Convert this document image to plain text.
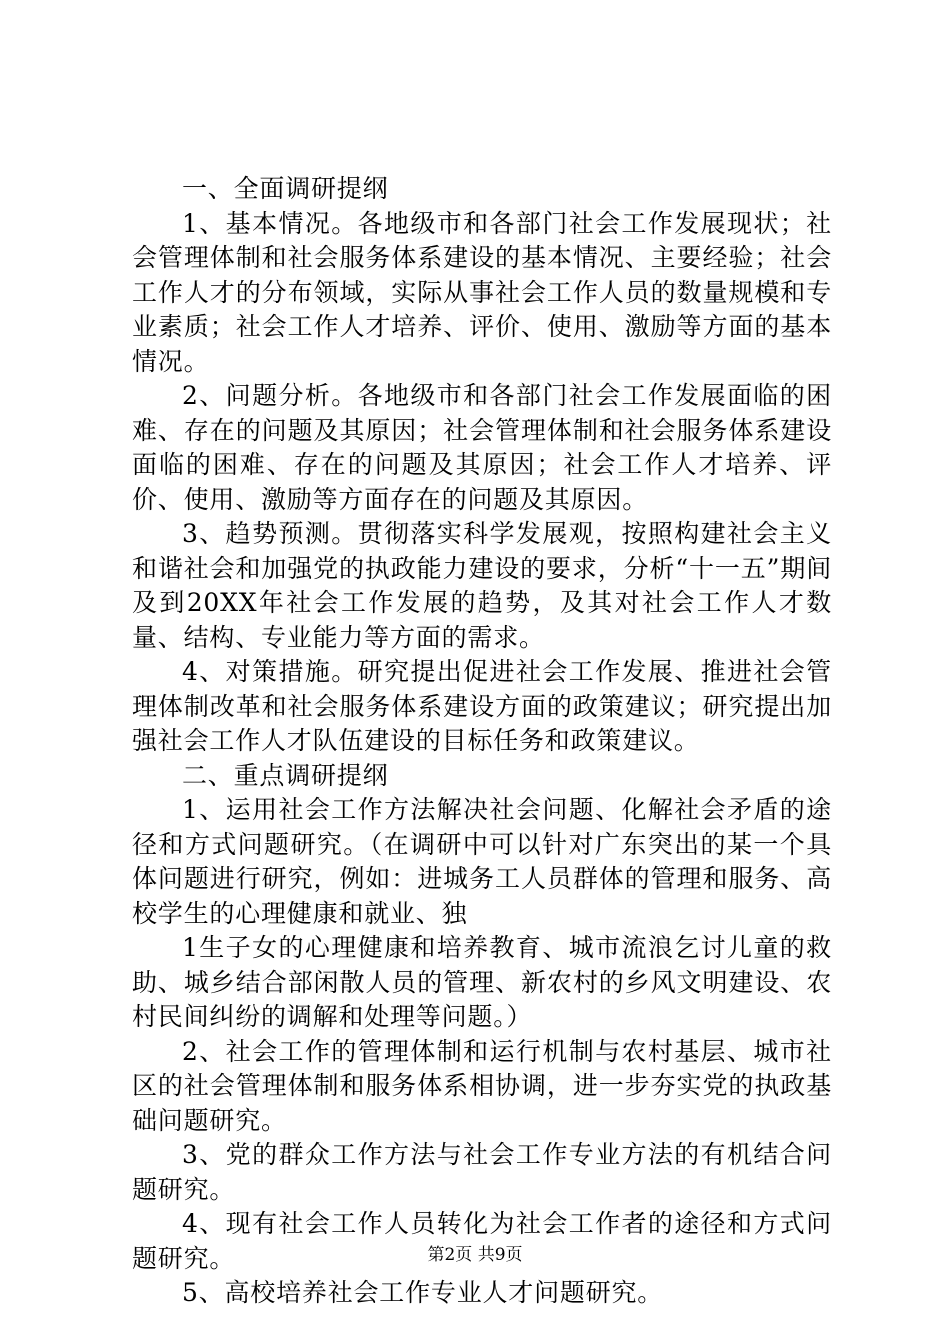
一、全面调研提纲

1、基本情况。各地级市和各部门社会工作发展现状；社会管理体制和社会服务体系建设的基本情况、主要经验；社会工作人才的分布领域，实际从事社会工作人员的数量规模和专业素质；社会工作人才培养、评价、使用、激励等方面的基本情况。

2、问题分析。各地级市和各部门社会工作发展面临的困难、存在的问题及其原因；社会管理体制和社会服务体系建设面临的困难、存在的问题及其原因；社会工作人才培养、评价、使用、激励等方面存在的问题及其原因。

3、趋势预测。贯彻落实科学发展观，按照构建社会主义和谐社会和加强党的执政能力建设的要求，分析“十一五”期间及到20XX年社会工作发展的趋势，及其对社会工作人才数量、结构、专业能力等方面的需求。

4、对策措施。研究提出促进社会工作发展、推进社会管理体制改革和社会服务体系建设方面的政策建议；研究提出加强社会工作人才队伍建设的目标任务和政策建议。

二、重点调研提纲

1、运用社会工作方法解决社会问题、化解社会矛盾的途径和方式问题研究。（在调研中可以针对广东突出的某一个具体问题进行研究，例如：进城务工人员群体的管理和服务、高校学生的心理健康和就业、独

1生子女的心理健康和培养教育、城市流浪乞讨儿童的救助、城乡结合部闲散人员的管理、新农村的乡风文明建设、农村民间纠纷的调解和处理等问题。）

2、社会工作的管理体制和运行机制与农村基层、城市社区的社会管理体制和服务体系相协调，进一步夯实党的执政基础问题研究。

3、党的群众工作方法与社会工作专业方法的有机结合问题研究。

4、现有社会工作人员转化为社会工作者的途径和方式问题研究。

5、高校培养社会工作专业人才问题研究。

第2页 共9页
